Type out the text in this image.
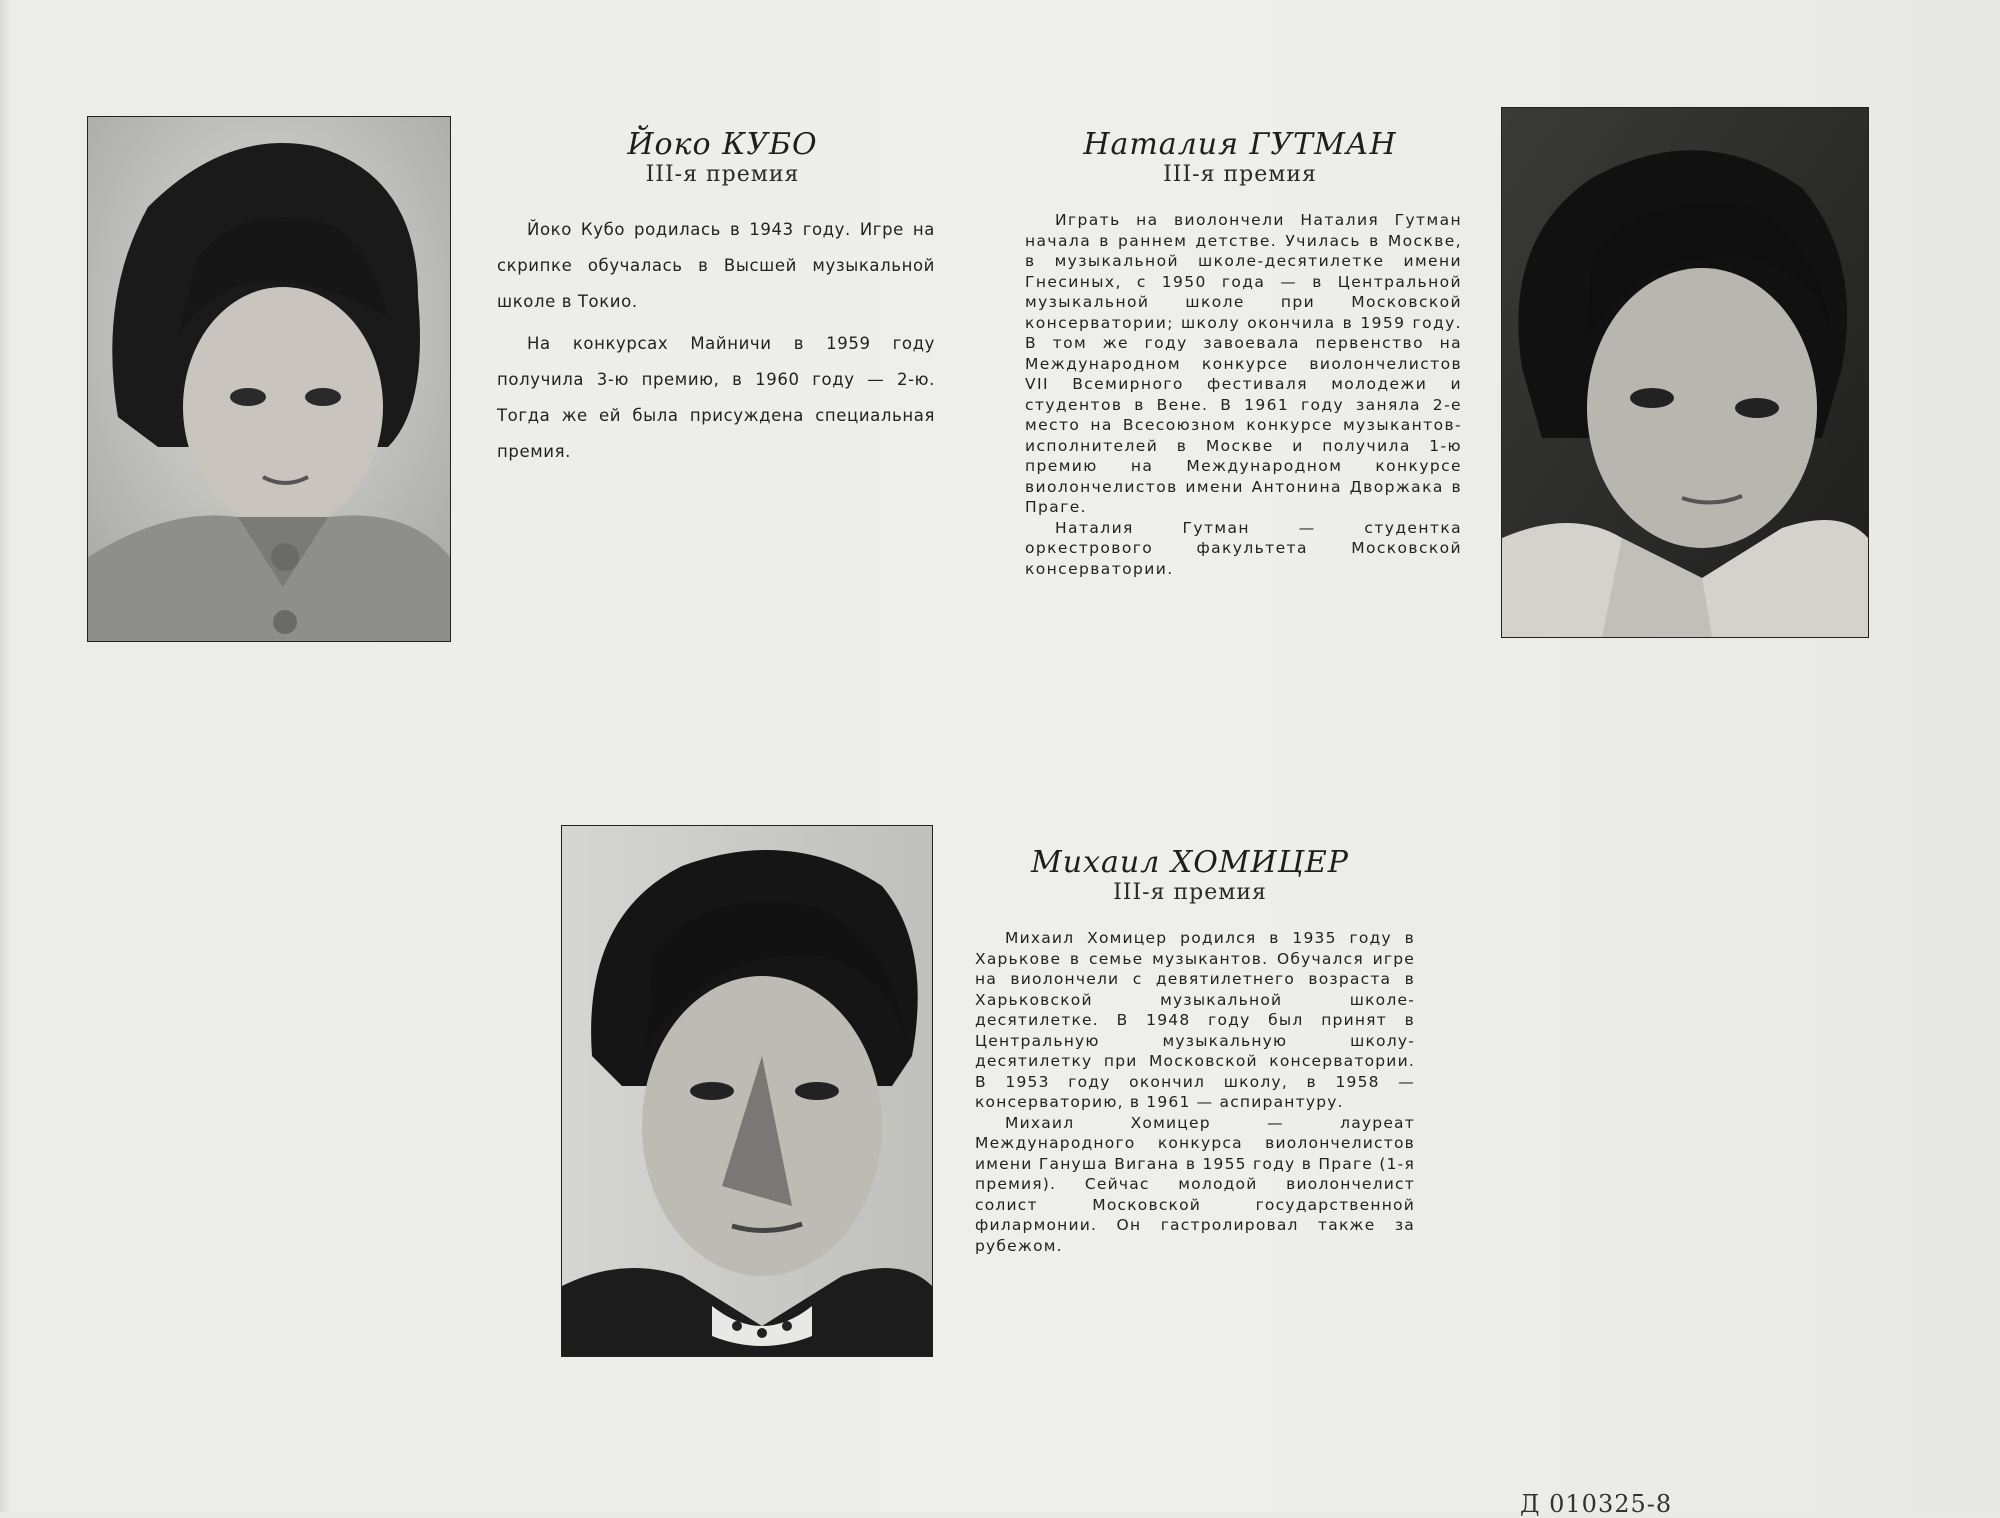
Йоко КУБО
III-я премия

Йоко Кубо родилась в 1943 году. Игре на скрипке обучалась в Высшей музыкальной школе в Токио.

На конкурсах Майничи в 1959 году получила 3-ю премию, в 1960 году — 2-ю. Тогда же ей была присуждена специальная премия.

Наталия ГУТМАН
III-я премия

Играть на виолончели Наталия Гутман начала в раннем детстве. Училась в Москве, в музыкальной школе-десятилетке имени Гнесиных, с 1950 года — в Центральной музыкальной школе при Московской консерватории; школу окончила в 1959 году. В том же году завоевала первенство на Международном конкурсе виолончелистов VII Всемирного фестиваля молодежи и студентов в Вене. В 1961 году заняла 2-е место на Всесоюзном конкурсе музыкантов-исполнителей в Москве и получила 1-ю премию на Международном конкурсе виолончелистов имени Антонина Дворжака в Праге.

Наталия Гутман — студентка оркестрового факультета Московской консерватории.

Михаил ХОМИЦЕР
III-я премия

Михаил Хомицер родился в 1935 году в Харькове в семье музыкантов. Обучался игре на виолончели с девятилетнего возраста в Харьковской музыкальной школе-десятилетке. В 1948 году был принят в Центральную музыкальную школу-десятилетку при Московской консерватории. В 1953 году окончил школу, в 1958 — консерваторию, в 1961 — аспирантуру.

Михаил Хомицер — лауреат Международного конкурса виолончелистов имени Гануша Вигана в 1955 году в Праге (1-я премия). Сейчас молодой виолончелист солист Московской государственной филармонии. Он гастролировал также за рубежом.

Д 010325-8
